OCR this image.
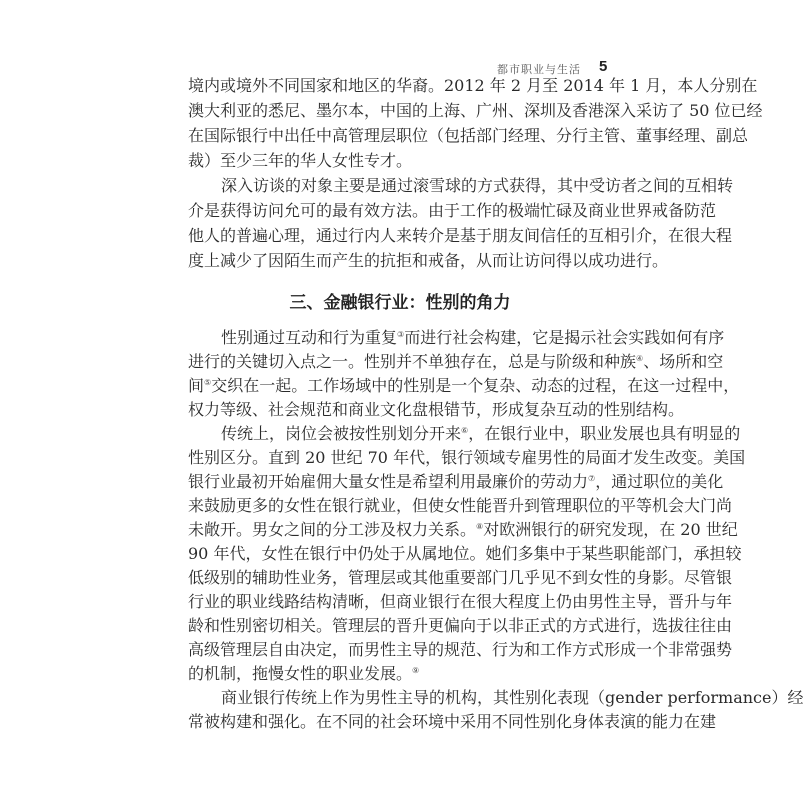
都市职业与生活 5
境内或境外不同国家和地区的华裔。2012 年 2 月至 2014 年 1 月，本人分别在
澳大利亚的悉尼、墨尔本，中国的上海、广州、深圳及香港深入采访了 50 位已经
在国际银行中出任中高管理层职位（包括部门经理、分行主管、董事经理、副总
裁）至少三年的华人女性专才。
深入访谈的对象主要是通过滚雪球的方式获得，其中受访者之间的互相转
介是获得访问允可的最有效方法。由于工作的极端忙碌及商业世界戒备防范
他人的普遍心理，通过行内人来转介是基于朋友间信任的互相引介，在很大程
度上减少了因陌生而产生的抗拒和戒备，从而让访问得以成功进行。
三、金融银行业：性别的角力
性别通过互动和行为重复③而进行社会构建，它是揭示社会实践如何有序
进行的关键切入点之一。性别并不单独存在，总是与阶级和种族④、场所和空
间⑤交织在一起。工作场域中的性别是一个复杂、动态的过程，在这一过程中，
权力等级、社会规范和商业文化盘根错节，形成复杂互动的性别结构。
传统上，岗位会被按性别划分开来⑥，在银行业中，职业发展也具有明显的
性别区分。直到 20 世纪 70 年代，银行领域专雇男性的局面才发生改变。美国
银行业最初开始雇佣大量女性是希望利用最廉价的劳动力⑦，通过职位的美化
来鼓励更多的女性在银行就业，但使女性能晋升到管理职位的平等机会大门尚
未敞开。男女之间的分工涉及权力关系。⑧对欧洲银行的研究发现，在 20 世纪
90 年代，女性在银行中仍处于从属地位。她们多集中于某些职能部门，承担较
低级别的辅助性业务，管理层或其他重要部门几乎见不到女性的身影。尽管银
行业的职业线路结构清晰，但商业银行在很大程度上仍由男性主导，晋升与年
龄和性别密切相关。管理层的晋升更偏向于以非正式的方式进行，选拔往往由
高级管理层自由决定，而男性主导的规范、行为和工作方式形成一个非常强势
的机制，拖慢女性的职业发展。⑨
商业银行传统上作为男性主导的机构，其性别化表现（gender performance）经
常被构建和强化。在不同的社会环境中采用不同性别化身体表演的能力在建
